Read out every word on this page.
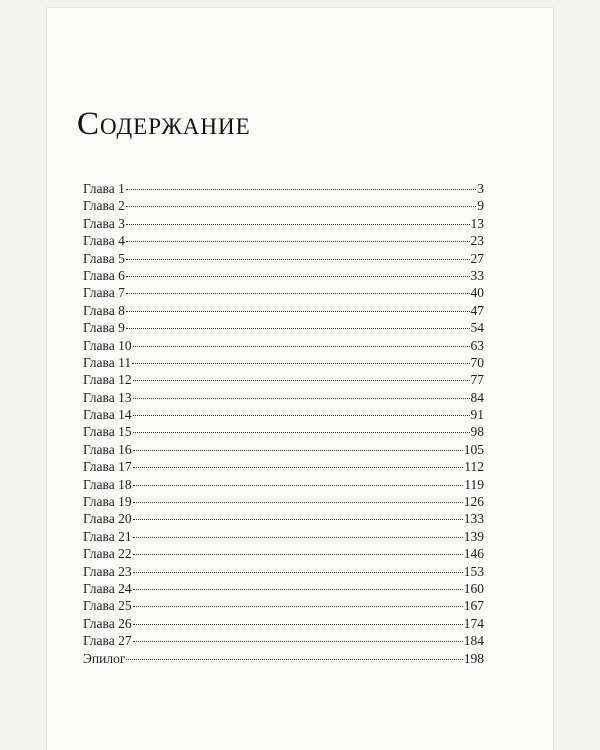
Содержание
Глава 1	3
Глава 2	9
Глава 3	13
Глава 4	23
Глава 5	27
Глава 6	33
Глава 7	40
Глава 8	47
Глава 9	54
Глава 10	63
Глава 11	70
Глава 12	77
Глава 13	84
Глава 14	91
Глава 15	98
Глава 16	105
Глава 17	112
Глава 18	119
Глава 19	126
Глава 20	133
Глава 21	139
Глава 22	146
Глава 23	153
Глава 24	160
Глава 25	167
Глава 26	174
Глава 27	184
Эпилог	198
